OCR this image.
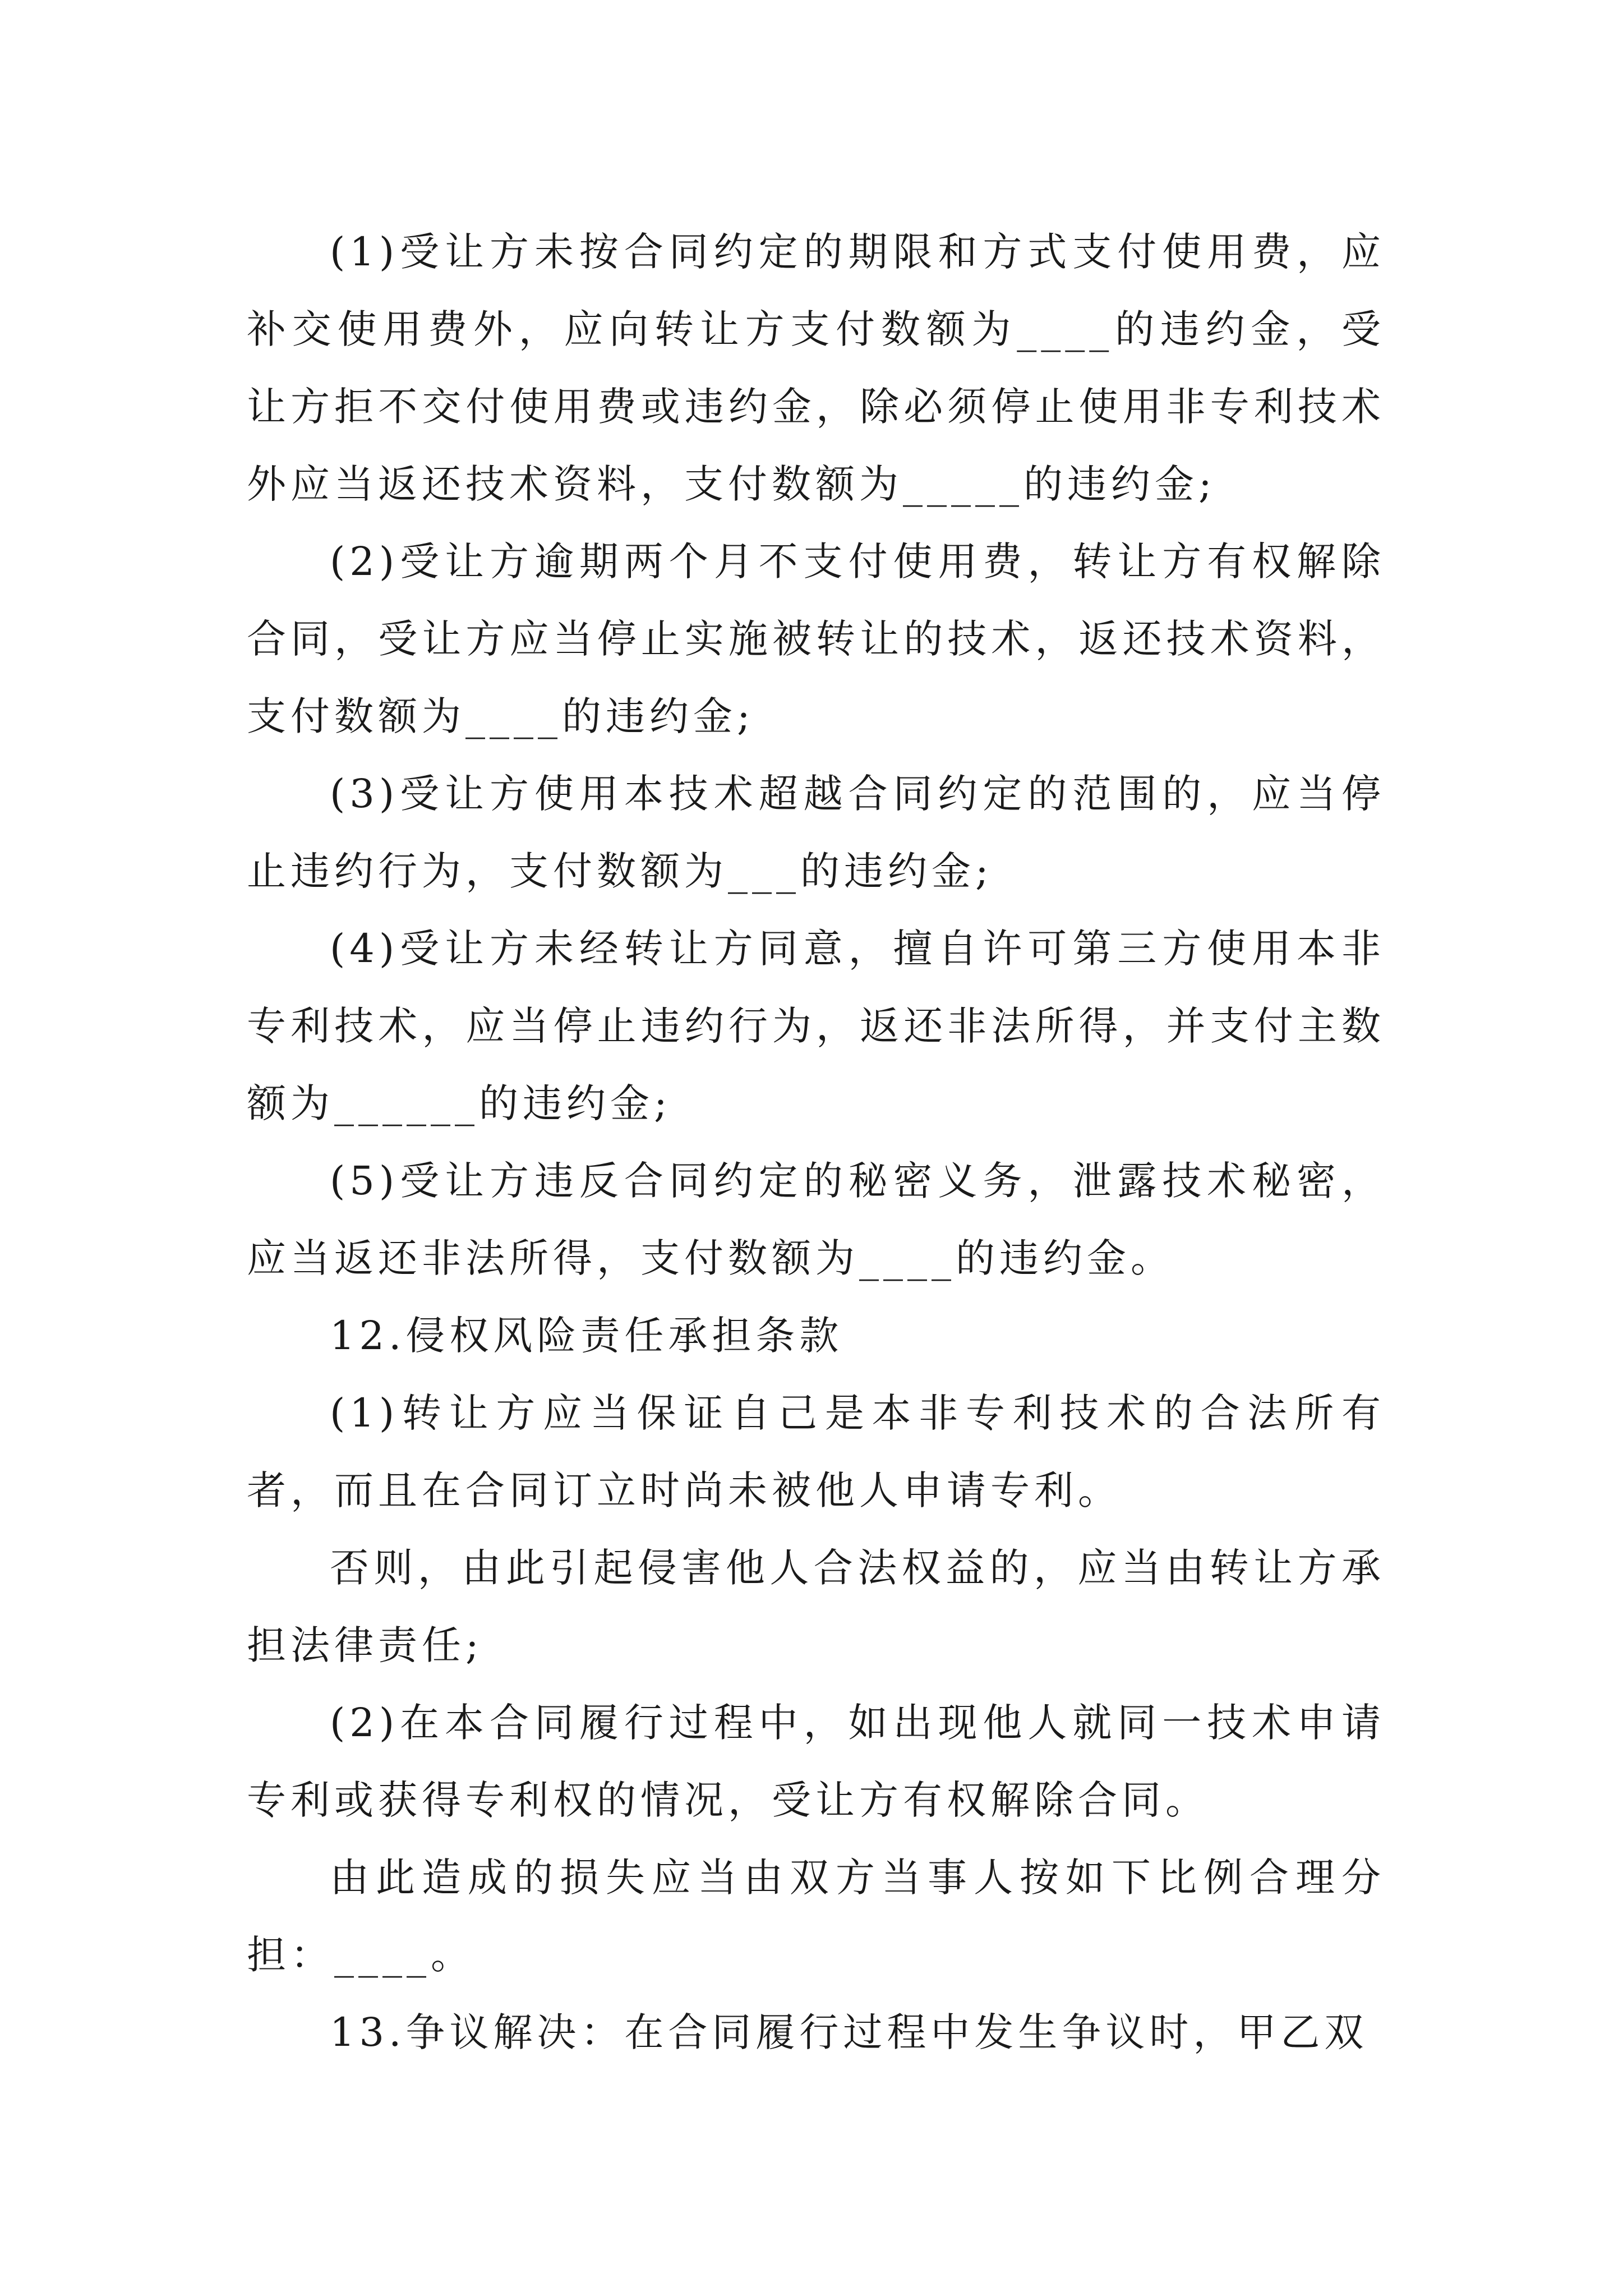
(1)受让方未按合同约定的期限和方式支付使用费，应补交使用费外，应向转让方支付数额为____的违约金，受让方拒不交付使用费或违约金，除必须停止使用非专利技术外应当返还技术资料，支付数额为_____的违约金;

(2)受让方逾期两个月不支付使用费，转让方有权解除合同，受让方应当停止实施被转让的技术，返还技术资料，支付数额为____的违约金;

(3)受让方使用本技术超越合同约定的范围的，应当停止违约行为，支付数额为___的违约金;

(4)受让方未经转让方同意，擅自许可第三方使用本非专利技术，应当停止违约行为，返还非法所得，并支付主数额为______的违约金;

(5)受让方违反合同约定的秘密义务，泄露技术秘密，应当返还非法所得，支付数额为____的违约金。

12.侵权风险责任承担条款

(1)转让方应当保证自己是本非专利技术的合法所有者，而且在合同订立时尚未被他人申请专利。

否则，由此引起侵害他人合法权益的，应当由转让方承担法律责任;

(2)在本合同履行过程中，如出现他人就同一技术申请专利或获得专利权的情况，受让方有权解除合同。

由此造成的损失应当由双方当事人按如下比例合理分担：____。

13.争议解决：在合同履行过程中发生争议时，甲乙双
